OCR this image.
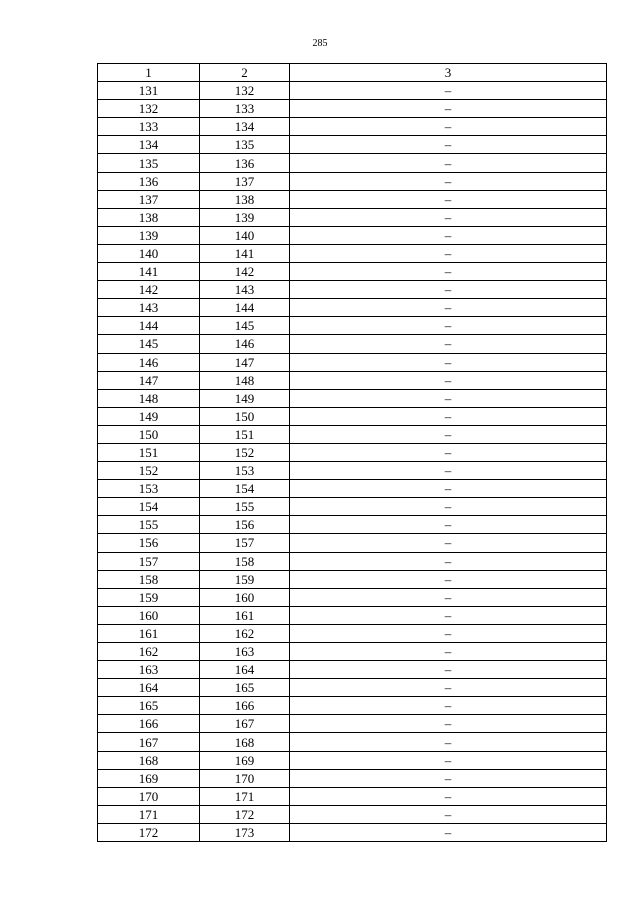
285
1	2	3
131	132	–
132	133	–
133	134	–
134	135	–
135	136	–
136	137	–
137	138	–
138	139	–
139	140	–
140	141	–
141	142	–
142	143	–
143	144	–
144	145	–
145	146	–
146	147	–
147	148	–
148	149	–
149	150	–
150	151	–
151	152	–
152	153	–
153	154	–
154	155	–
155	156	–
156	157	–
157	158	–
158	159	–
159	160	–
160	161	–
161	162	–
162	163	–
163	164	–
164	165	–
165	166	–
166	167	–
167	168	–
168	169	–
169	170	–
170	171	–
171	172	–
172	173	–
